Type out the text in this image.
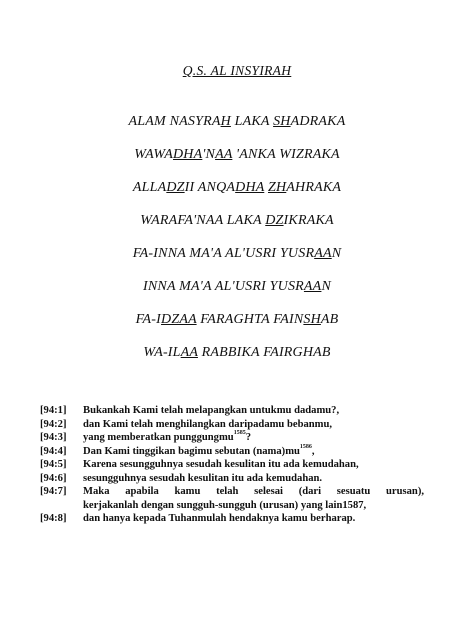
Q.S. AL INSYIRAH
ALAM NASYRAH LAKA SHADRAKA
WAWADHA'NAA 'ANKA WIZRAKA
ALLADZII ANQADHA ZHAHRAKA
WARAFA'NAA LAKA DZIKRAKA
FA-INNA MA'A AL'USRI YUSRAAN
INNA MA'A AL'USRI YUSRAAN
FA-IDZAA FARAGHTA FAINSHAB
WA-ILAA RABBIKA FAIRGHAB
[94:1]	Bukankah Kami telah melapangkan untukmu dadamu?,
[94:2]	dan Kami telah menghilangkan daripadamu bebanmu,
[94:3]	yang memberatkan punggungmu$^{1585}$?
[94:4]	Dan Kami tinggikan bagimu sebutan $(nama)mu^{1586}$,
[94:5]	Karena sesungguhnya sesudah kesulitan itu ada kemudahan,
[94:6]	sesungguhnya sesudah kesulitan itu ada kemudahan.
[94:7]	Maka apabila kamu telah selesai (dari sesuatu urusan),
kerjakanlah dengan sungguh-sungguh (urusan) yang lain1587,
[94:8]	dan hanya kepada Tuhanmulah hendaknya kamu berharap.
